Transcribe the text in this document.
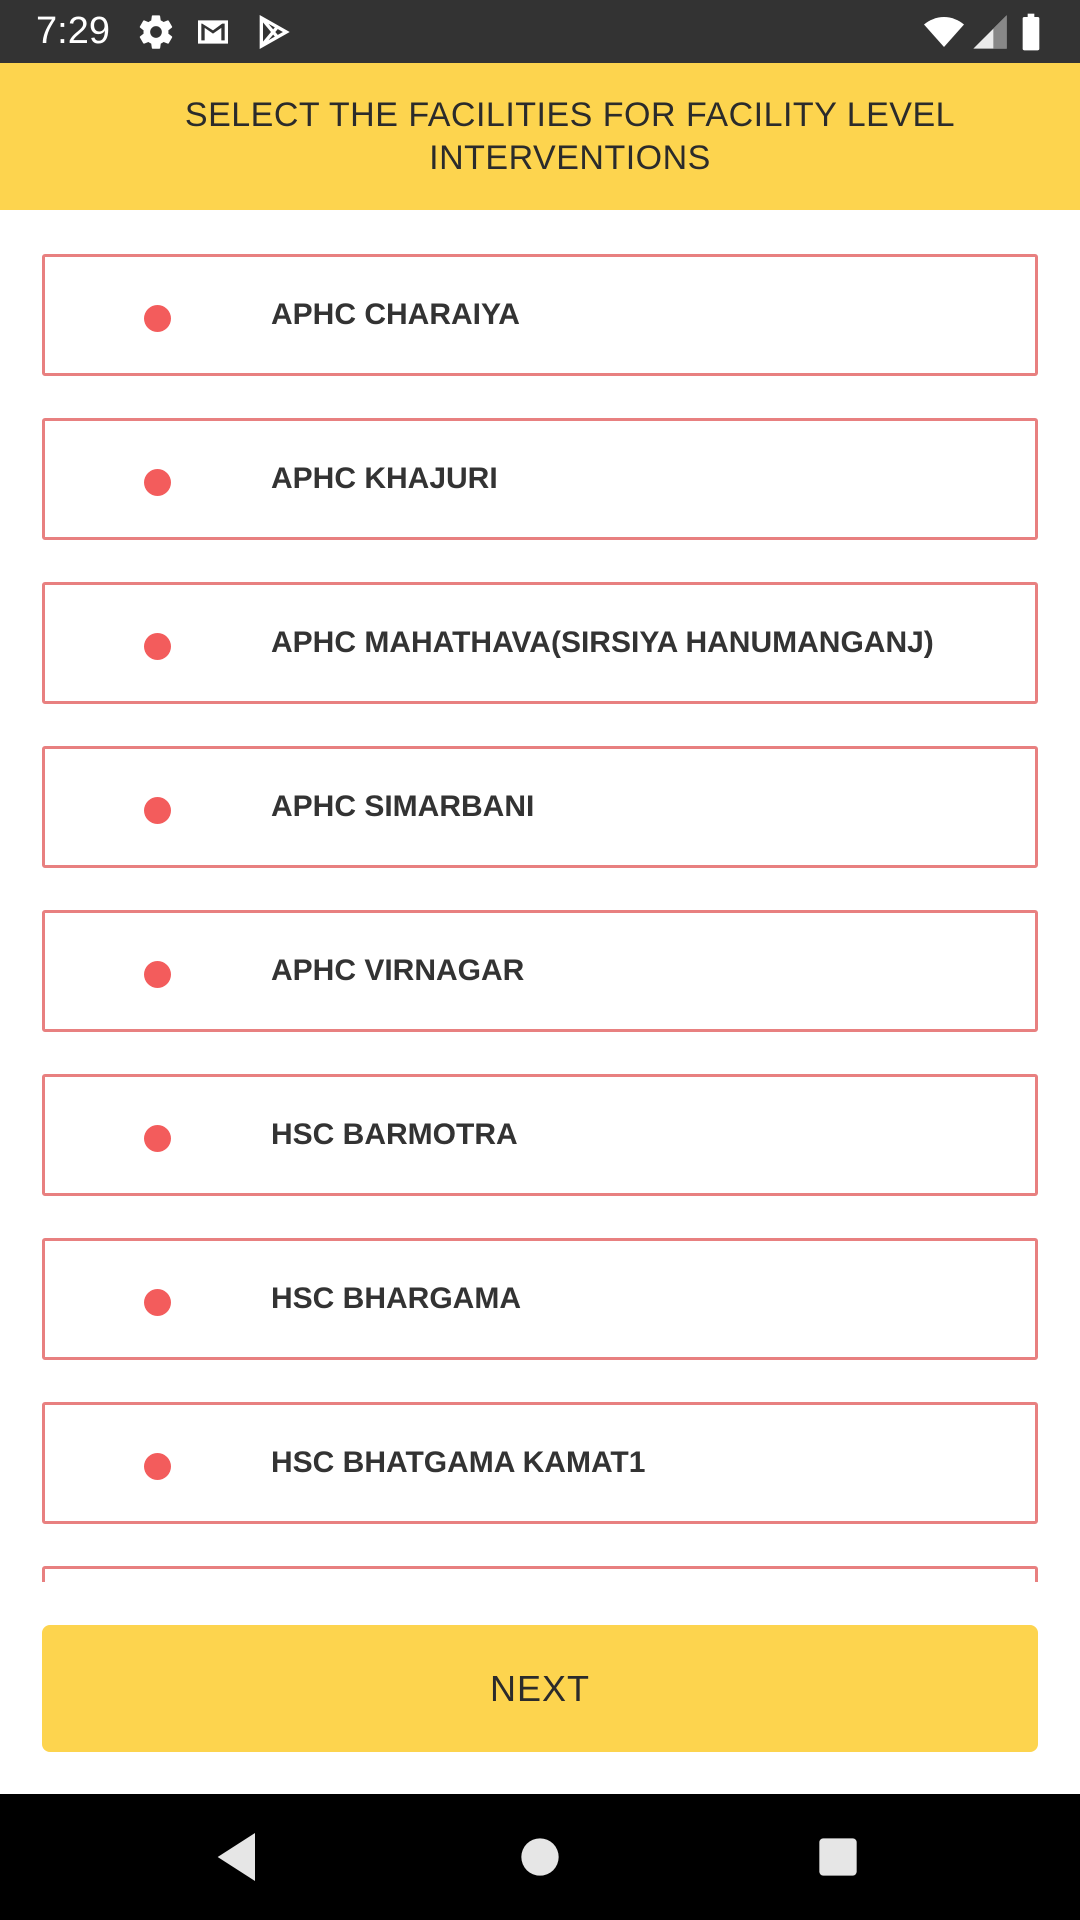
7:29
SELECT THE FACILITIES FOR FACILITY LEVEL INTERVENTIONS
APHC CHARAIYA
APHC KHAJURI
APHC MAHATHAVA(SIRSIYA HANUMANGANJ)
APHC SIMARBANI
APHC VIRNAGAR
HSC BARMOTRA
HSC BHARGAMA
HSC BHATGAMA KAMAT1
NEXT
